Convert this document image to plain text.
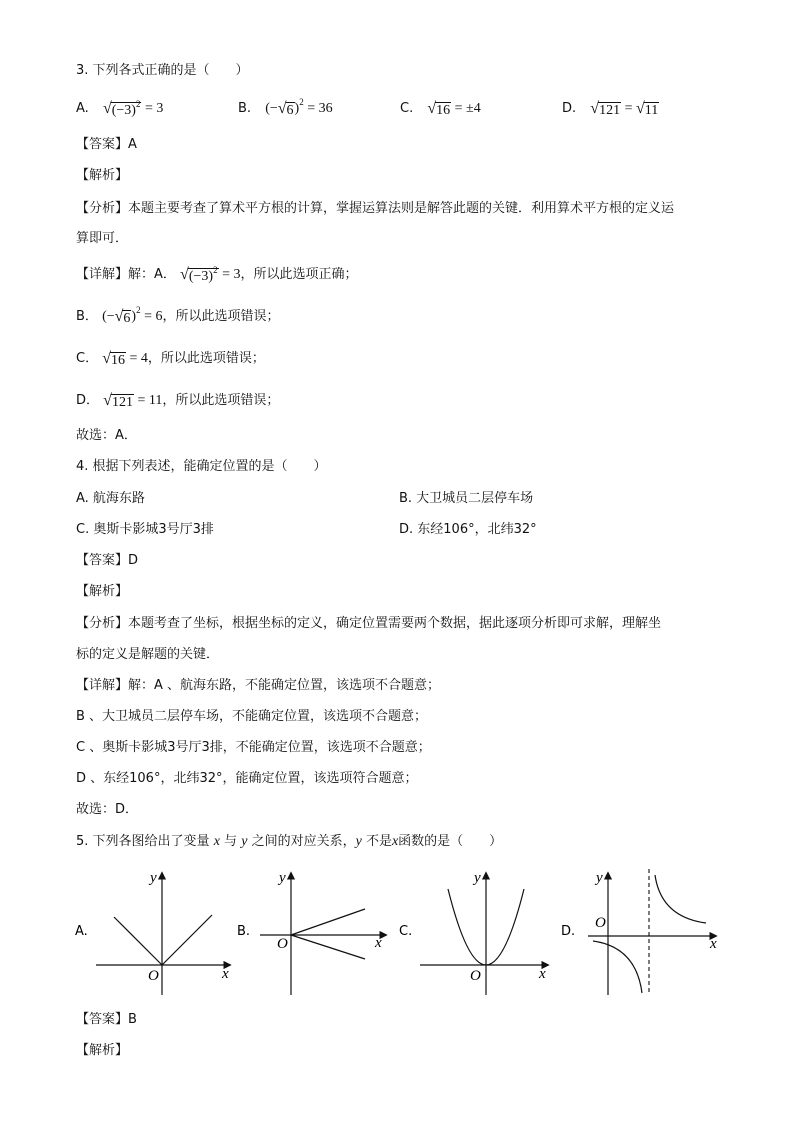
3. 下列各式正确的是（　　）
A. √ $(-3)^2 = 3$	B. (− √ 6 )$^2$ = 36	C. √ 16 = ±4	D. √ 121 = √ 11
【答案】A
【解析】
【分析】本题主要考查了算术平方根的计算，掌握运算法则是解答此题的关键．利用算术平方根的定义运
算即可．
【详解】解：A． √ $(-3)^2 = 3$，所以此选项正确；
B． (− √ 6 )$^2$ = 6，所以此选项错误；
C． √ 16 = 4，所以此选项错误；
D． √ 121 = 11，所以此选项错误；
故选：A．
4. 根据下列表述，能确定位置的是（　　）
A. 航海东路	B. 大卫城员二层停车场
C. 奥斯卡影城3号厅3排	D. 东经106°，北纬32°
【答案】D
【解析】
【分析】本题考查了坐标，根据坐标的定义，确定位置需要两个数据，据此逐项分析即可求解，理解坐
标的定义是解题的关键．
【详解】解：A 、航海东路，不能确定位置，该选项不合题意；
B 、大卫城员二层停车场，不能确定位置，该选项不合题意；
C 、奥斯卡影城3号厅3排，不能确定位置，该选项不合题意；
D 、东经106°，北纬32°，能确定位置，该选项符合题意；
故选：D．
5. 下列各图给出了变量 x 与 y 之间的对应关系，y 不是x函数的是（　　）
A.
x
y
O
B.
x
y
O
C.
x
y
O
D.
x
y
O
【答案】B
【解析】
